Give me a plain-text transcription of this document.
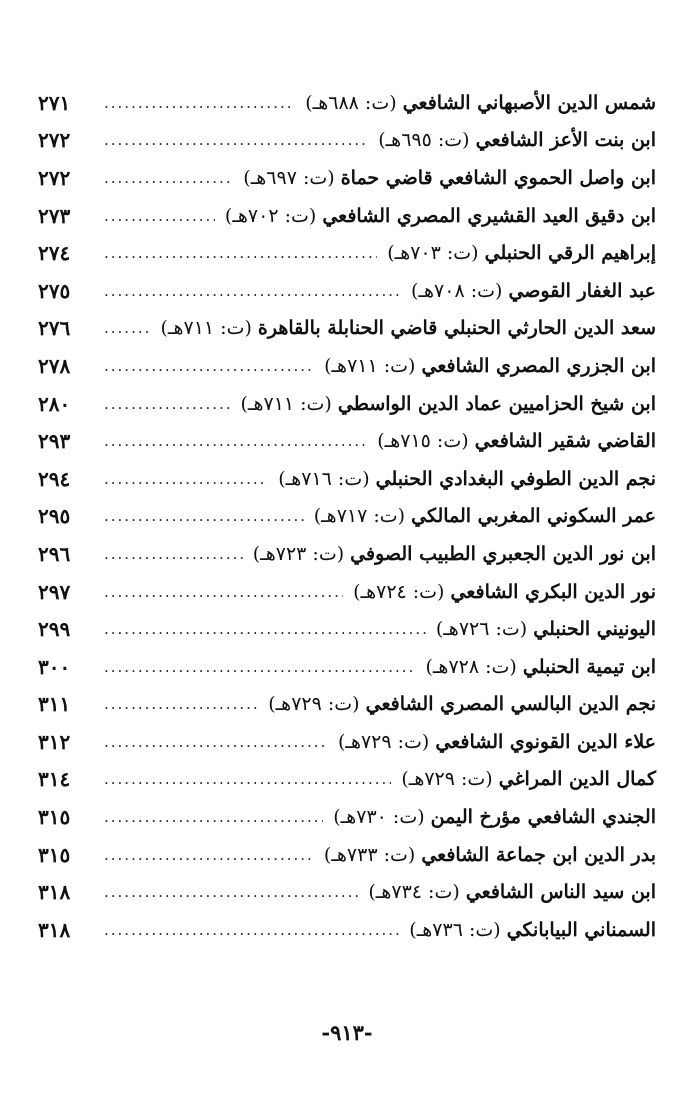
شمس الدين الأصبهاني الشافعي (ت: ٦٨٨هـ)
.....
٢٧١
ابن بنت الأعز الشافعي (ت: ٦٩٥هـ)
.....
٢٧٢
ابن واصل الحموي الشافعي قاضي حماة (ت: ٦٩٧هـ)
.....
٢٧٢
ابن دقيق العيد القشيري المصري الشافعي (ت: ٧٠٢هـ)
.....
٢٧٣
إبراهيم الرقي الحنبلي (ت: ٧٠٣هـ)
.....
٢٧٤
عبد الغفار القوصي (ت: ٧٠٨هـ)
.....
٢٧٥
سعد الدين الحارثي الحنبلي قاضي الحنابلة بالقاهرة (ت: ٧١١هـ)
.....
٢٧٦
ابن الجزري المصري الشافعي (ت: ٧١١هـ)
.....
٢٧٨
ابن شيخ الحزاميين عماد الدين الواسطي (ت: ٧١١هـ)
.....
٢٨٠
القاضي شقير الشافعي (ت: ٧١٥هـ)
.....
٢٩٣
نجم الدين الطوفي البغدادي الحنبلي (ت: ٧١٦هـ)
.....
٢٩٤
عمر السكوني المغربي المالكي (ت: ٧١٧هـ)
.....
٢٩٥
ابن نور الدين الجعبري الطبيب الصوفي (ت: ٧٢٣هـ)
.....
٢٩٦
نور الدين البكري الشافعي (ت: ٧٢٤هـ)
.....
٢٩٧
اليونيني الحنبلي (ت: ٧٢٦هـ)
.....
٢٩٩
ابن تيمية الحنبلي (ت: ٧٢٨هـ)
.....
٣٠٠
نجم الدين البالسي المصري الشافعي (ت: ٧٢٩هـ)
.....
٣١١
علاء الدين القونوي الشافعي (ت: ٧٢٩هـ)
.....
٣١٢
كمال الدين المراغي (ت: ٧٢٩هـ)
.....
٣١٤
الجندي الشافعي مؤرخ اليمن (ت: ٧٣٠هـ)
.....
٣١٥
بدر الدين ابن جماعة الشافعي (ت: ٧٣٣هـ)
.....
٣١٥
ابن سيد الناس الشافعي (ت: ٧٣٤هـ)
.....
٣١٨
السمناني البيابانكي (ت: ٧٣٦هـ)
.....
٣١٨
-٩١٣-
